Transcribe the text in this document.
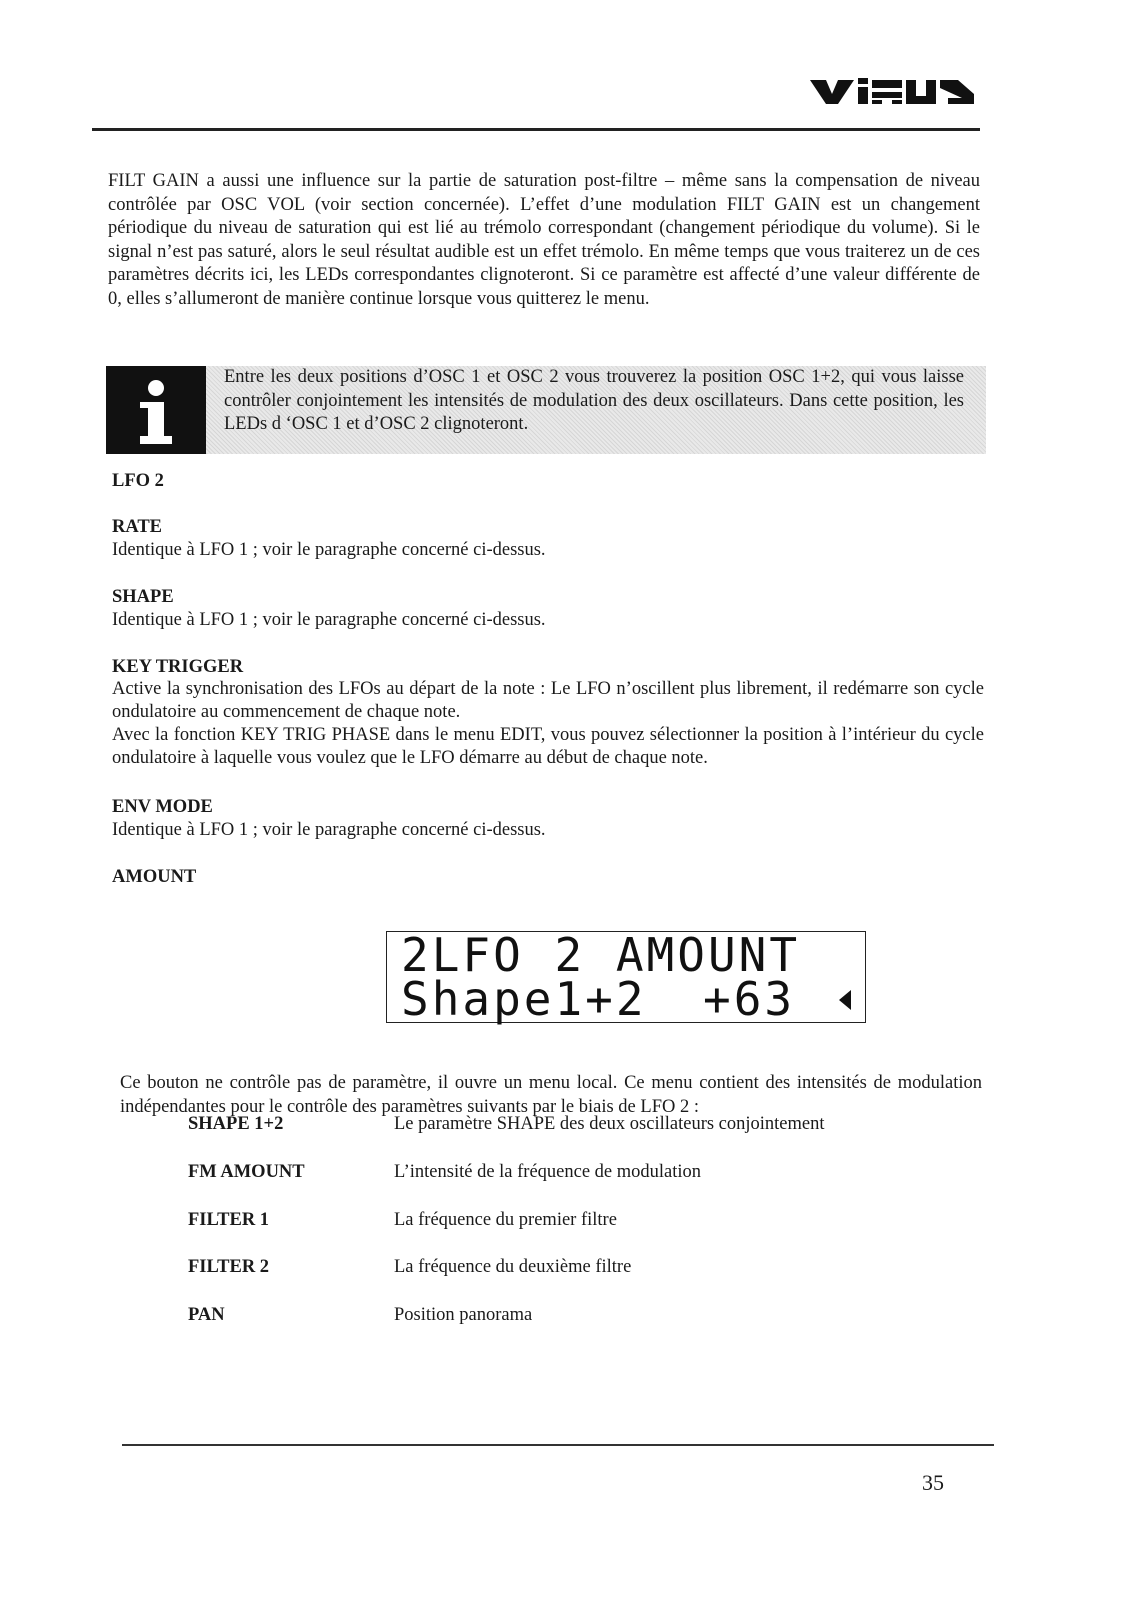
FILT GAIN a aussi une influence sur la partie de saturation post-filtre – même sans la compensation de niveau contrôlée par OSC VOL (voir section concernée). L’effet d’une modulation FILT GAIN est un changement périodique du niveau de saturation qui est lié au trémolo correspondant (changement périodique du volume). Si le signal n’est pas saturé, alors le seul résultat audible est un effet trémolo. En même temps que vous traiterez un de ces paramètres décrits ici, les LEDs correspondantes clignoteront. Si ce paramètre est affecté d’une valeur différente de 0, elles s’allumeront de manière continue lorsque vous quitterez le menu.

Entre les deux positions d’OSC 1 et OSC 2 vous trouverez la position OSC 1+2, qui vous laisse contrôler conjointement les intensités de modulation des deux oscillateurs. Dans cette position, les LEDs d ‘OSC 1 et d’OSC 2 clignoteront.

LFO 2

RATE

Identique à LFO 1 ; voir le paragraphe concerné ci-dessus.

SHAPE

Identique à LFO 1 ; voir le paragraphe concerné ci-dessus.

KEY TRIGGER

Active la synchronisation des LFOs au départ de la note : Le LFO n’oscillent plus librement, il redémarre son cycle ondulatoire au commencement de chaque note.

Avec la fonction KEY TRIG PHASE dans le menu EDIT, vous pouvez sélectionner la position à l’intérieur du cycle ondulatoire à laquelle vous voulez que le LFO démarre au début de chaque note.

ENV MODE

Identique à LFO 1 ; voir le paragraphe concerné ci-dessus.

AMOUNT

2LFO 2 AMOUNT
Shape1+2 +63

Ce bouton ne contrôle pas de paramètre, il ouvre un menu local. Ce menu contient des intensités de modulation indépendantes pour le contrôle des paramètres suivants par le biais de LFO 2 :

SHAPE 1+2	Le paramètre SHAPE des deux oscillateurs conjointement
FM AMOUNT	L’intensité de la fréquence de modulation
FILTER 1	La fréquence du premier filtre
FILTER 2	La fréquence du deuxième filtre
PAN	Position panorama
35
